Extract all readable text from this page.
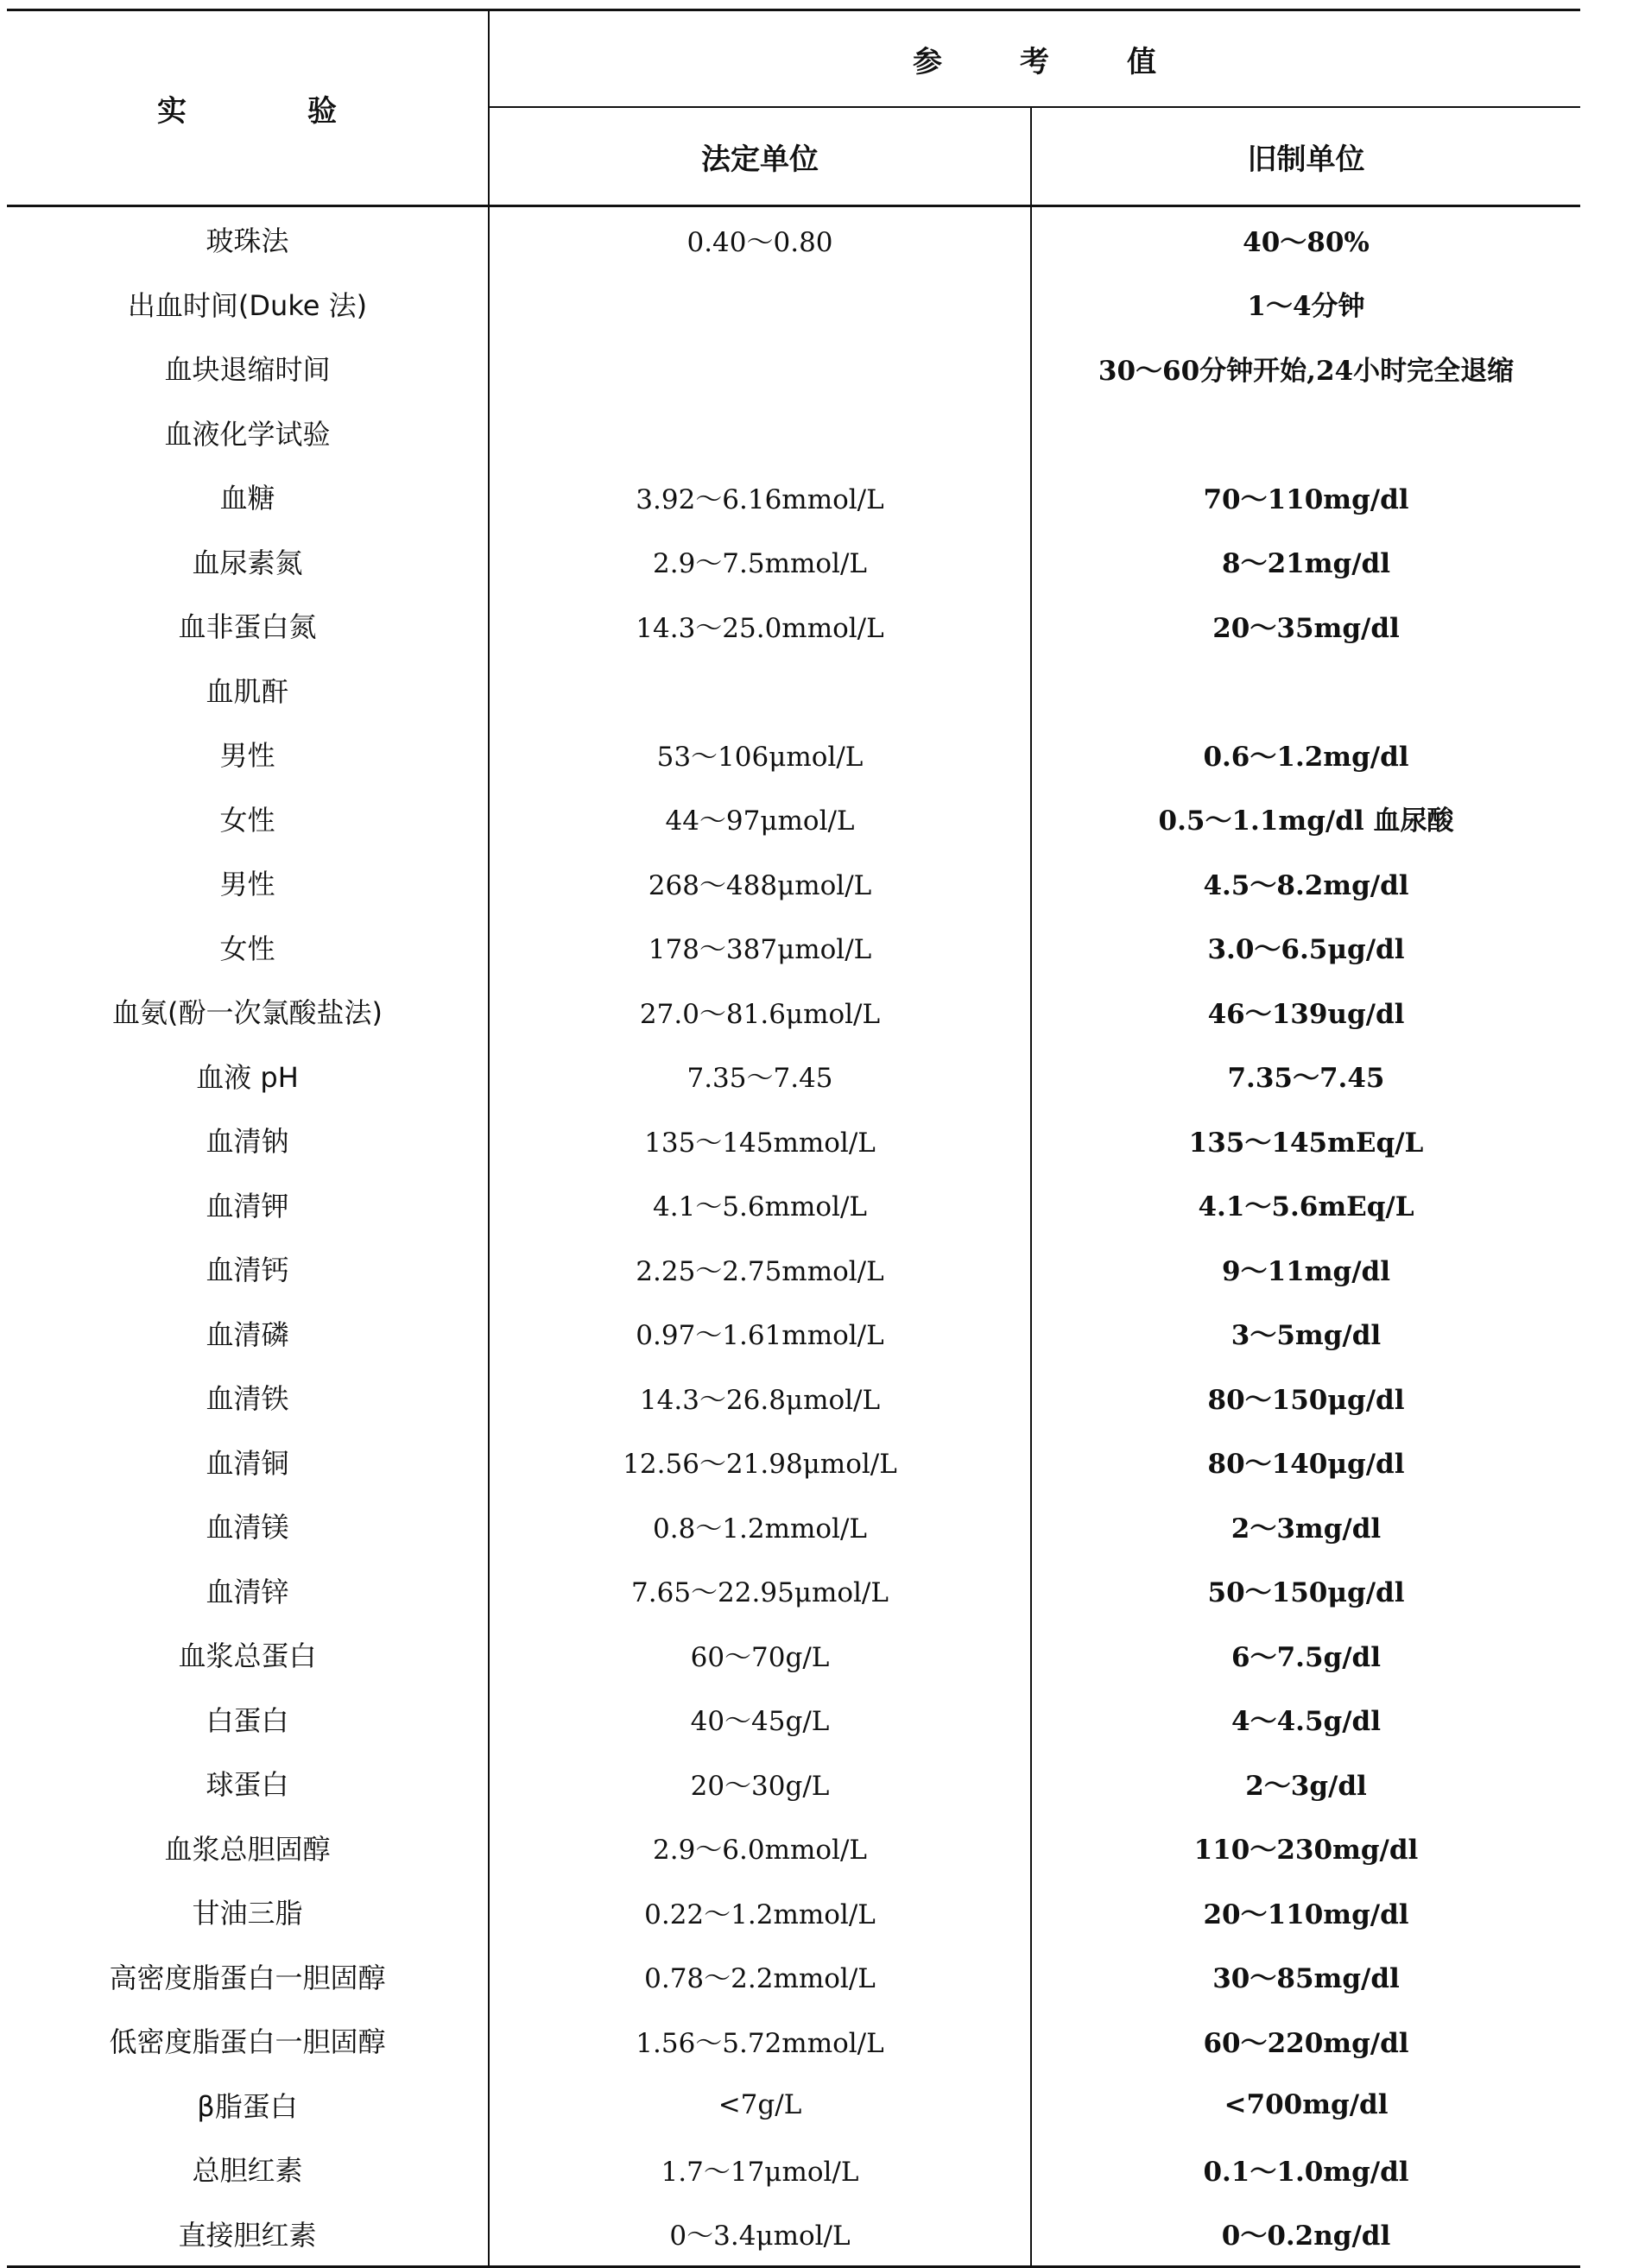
实验	参考值	
	法定单位	旧制单位
玻珠法	0.40～0.80	40～80%
出血时间(Duke 法)		1～4分钟
血块退缩时间		30～60分钟开始,24小时完全退缩
血液化学试验		
血糖	3.92～6.16mmol/L	70～110mg/dl
血尿素氮	2.9～7.5mmol/L	8～21mg/dl
血非蛋白氮	14.3～25.0mmol/L	20～35mg/dl
血肌酐		
男性	53～106μmol/L	0.6～1.2mg/dl
女性	44～97μmol/L	0.5～1.1mg/dl 血尿酸
男性	268～488μmol/L	4.5～8.2mg/dl
女性	178～387μmol/L	3.0～6.5μg/dl
血氨(酚一次氯酸盐法)	27.0～81.6μmol/L	46～139ug/dl
血液 pH	7.35～7.45	7.35～7.45
血清钠	135～145mmol/L	135～145mEq/L
血清钾	4.1～5.6mmol/L	4.1～5.6mEq/L
血清钙	2.25～2.75mmol/L	9～11mg/dl
血清磷	0.97～1.61mmol/L	3～5mg/dl
血清铁	14.3～26.8μmol/L	80～150μg/dl
血清铜	12.56～21.98μmol/L	80～140μg/dl
血清镁	0.8～1.2mmol/L	2～3mg/dl
血清锌	7.65～22.95μmol/L	50～150μg/dl
血浆总蛋白	60～70g/L	6～7.5g/dl
白蛋白	40～45g/L	4～4.5g/dl
球蛋白	20～30g/L	2～3g/dl
血浆总胆固醇	2.9～6.0mmol/L	110～230mg/dl
甘油三脂	0.22～1.2mmol/L	20～110mg/dl
高密度脂蛋白一胆固醇	0.78～2.2mmol/L	30～85mg/dl
低密度脂蛋白一胆固醇	1.56～5.72mmol/L	60～220mg/dl
β脂蛋白	<7g/L	<700mg/dl
总胆红素	1.7～17μmol/L	0.1～1.0mg/dl
直接胆红素	0～3.4μmol/L	0～0.2ng/dl
